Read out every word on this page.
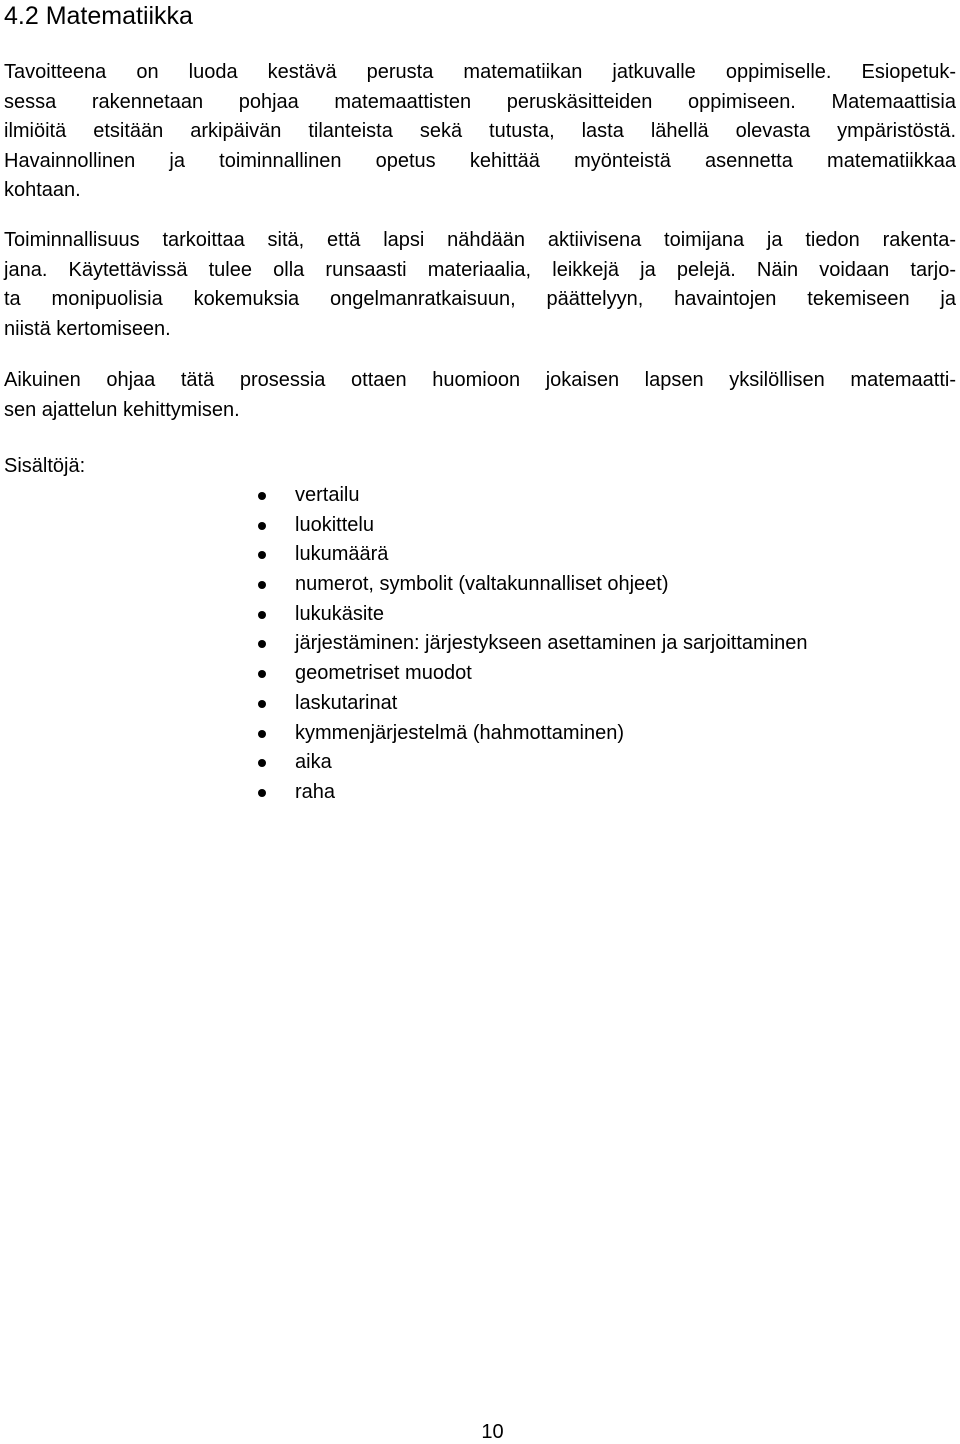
4.2 Matematiikka
Tavoitteena on luoda kestävä perusta matematiikan jatkuvalle oppimiselle. Esiopetuk-
sessa rakennetaan pohjaa matemaattisten peruskäsitteiden oppimiseen. Matemaattisia
ilmiöitä etsitään arkipäivän tilanteista sekä tutusta, lasta lähellä olevasta ympäristöstä.
Havainnollinen ja toiminnallinen opetus kehittää myönteistä asennetta matematiikkaa
kohtaan.
Toiminnallisuus tarkoittaa sitä, että lapsi nähdään aktiivisena toimijana ja tiedon rakenta-
jana. Käytettävissä tulee olla runsaasti materiaalia, leikkejä ja pelejä. Näin voidaan tarjo-
ta monipuolisia kokemuksia ongelmanratkaisuun, päättelyyn, havaintojen tekemiseen ja
niistä kertomiseen.
Aikuinen ohjaa tätä prosessia ottaen huomioon jokaisen lapsen yksilöllisen matemaatti-
sen ajattelun kehittymisen.
Sisältöjä:
vertailu
luokittelu
lukumäärä
numerot, symbolit (valtakunnalliset ohjeet)
lukukäsite
järjestäminen: järjestykseen asettaminen ja sarjoittaminen
geometriset muodot
laskutarinat
kymmenjärjestelmä (hahmottaminen)
aika
raha
10
